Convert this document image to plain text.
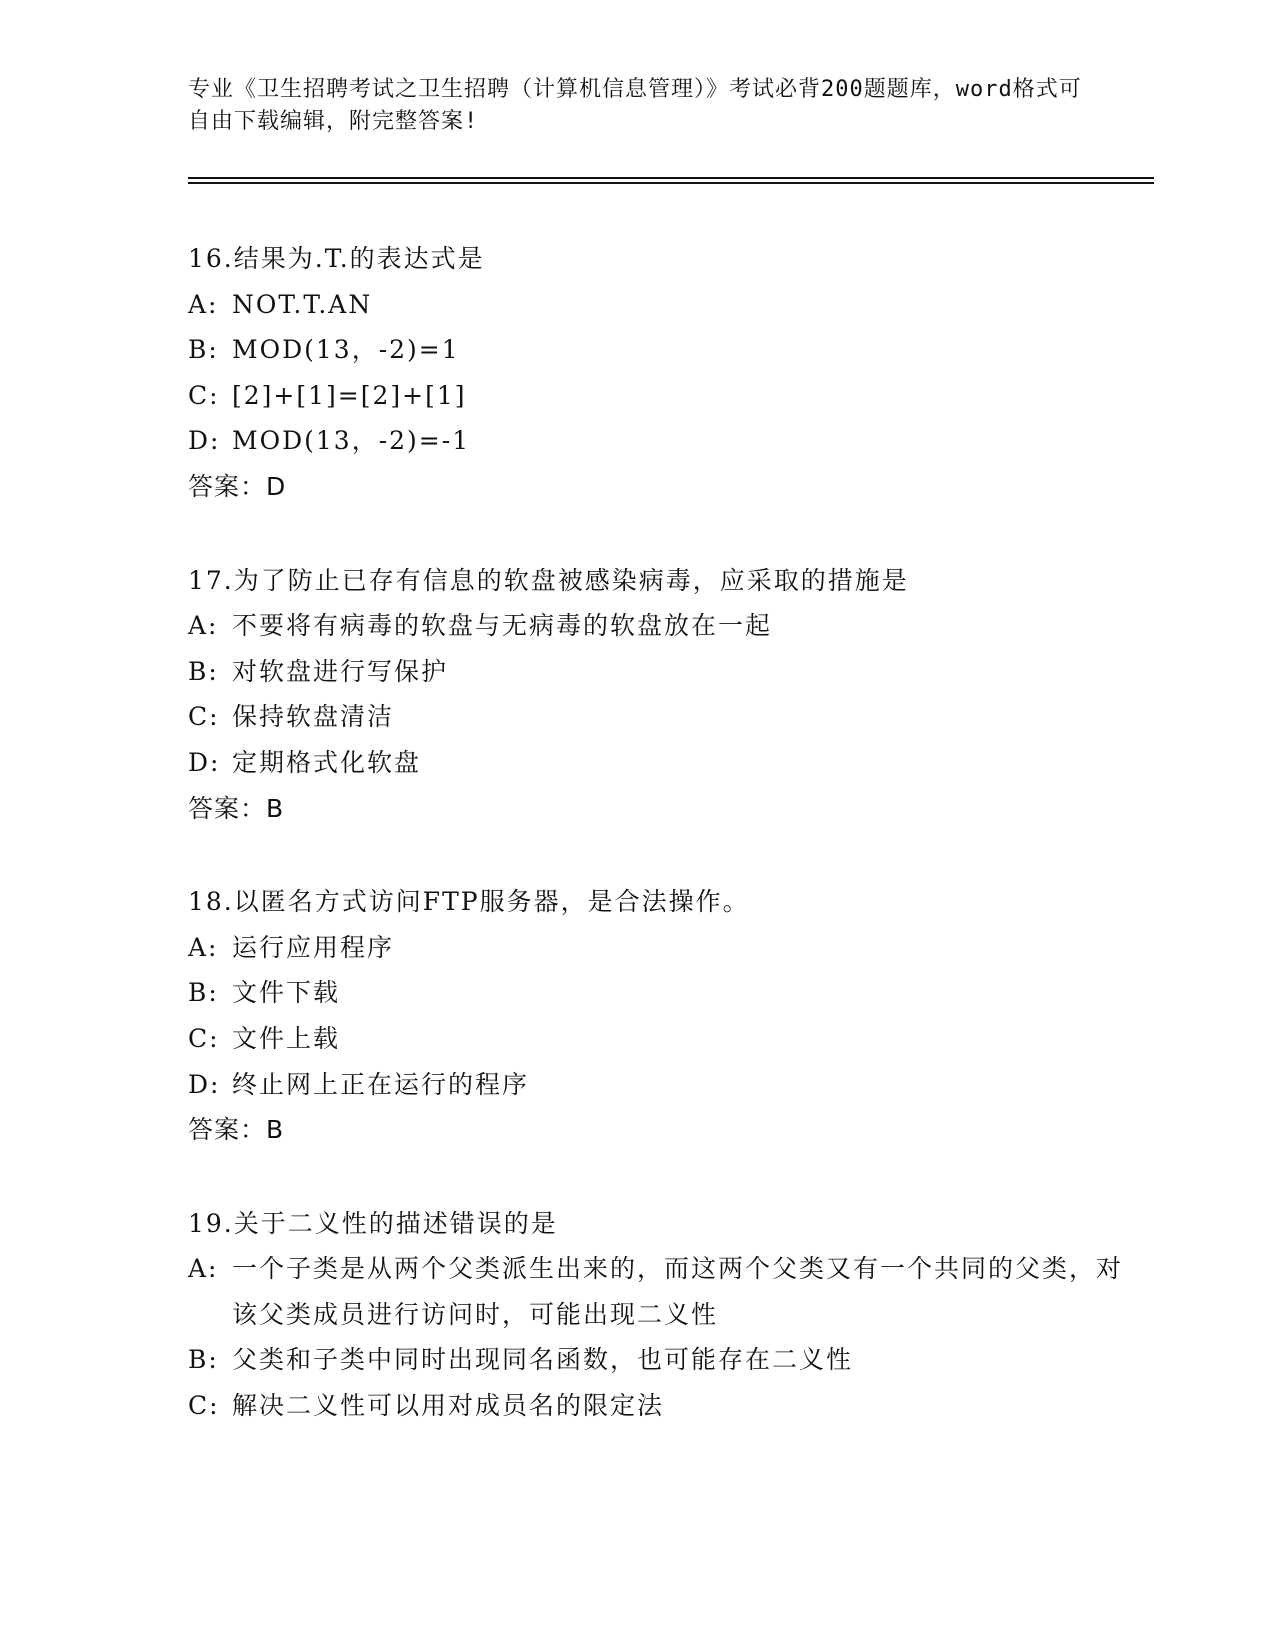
专业《卫生招聘考试之卫生招聘（计算机信息管理）》考试必背200题题库，word格式可自由下载编辑，附完整答案!
16.结果为.T.的表达式是
A: NOT.T.AN
B: MOD(13，-2)=1
C: [2]+[1]=[2]+[1]
D: MOD(13，-2)=-1
答案：D
17.为了防止已存有信息的软盘被感染病毒，应采取的措施是
A: 不要将有病毒的软盘与无病毒的软盘放在一起
B: 对软盘进行写保护
C: 保持软盘清洁
D: 定期格式化软盘
答案：B
18.以匿名方式访问FTP服务器，是合法操作。
A: 运行应用程序
B: 文件下载
C: 文件上载
D: 终止网上正在运行的程序
答案：B
19.关于二义性的描述错误的是
A: 一个子类是从两个父类派生出来的，而这两个父类又有一个共同的父类，对该父类成员进行访问时，可能出现二义性
B: 父类和子类中同时出现同名函数，也可能存在二义性
C: 解决二义性可以用对成员名的限定法
